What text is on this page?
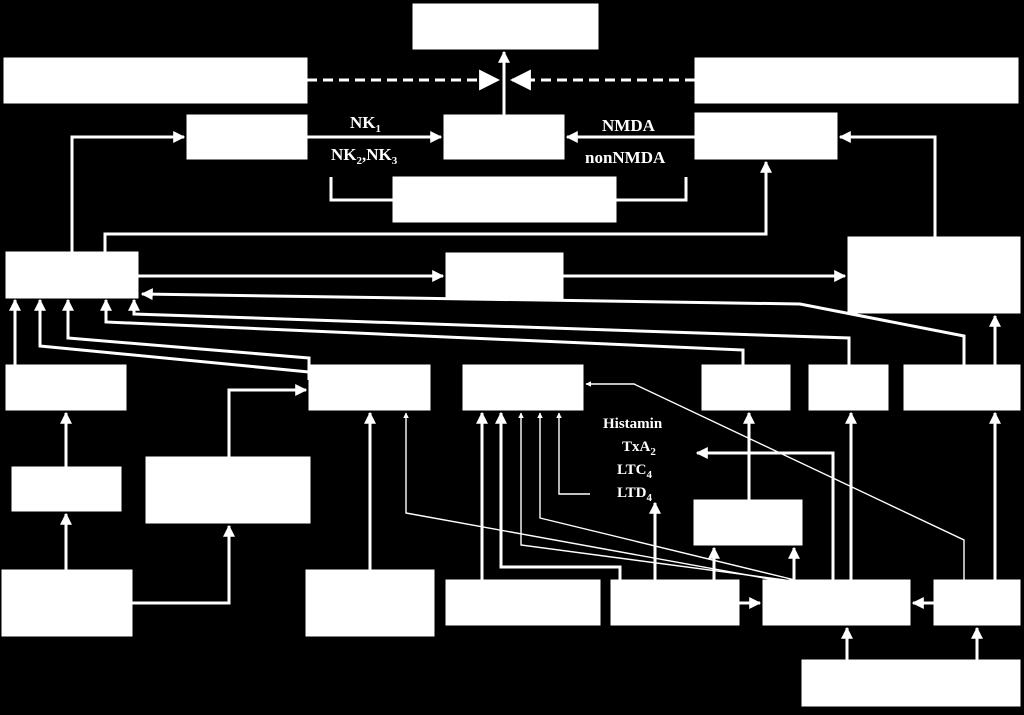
$NK_1$
$NK_2,NK_3$
NMDA
nonNMDA
Histamin
TxA$_2$
$LTC_4$
$LTD_4$
